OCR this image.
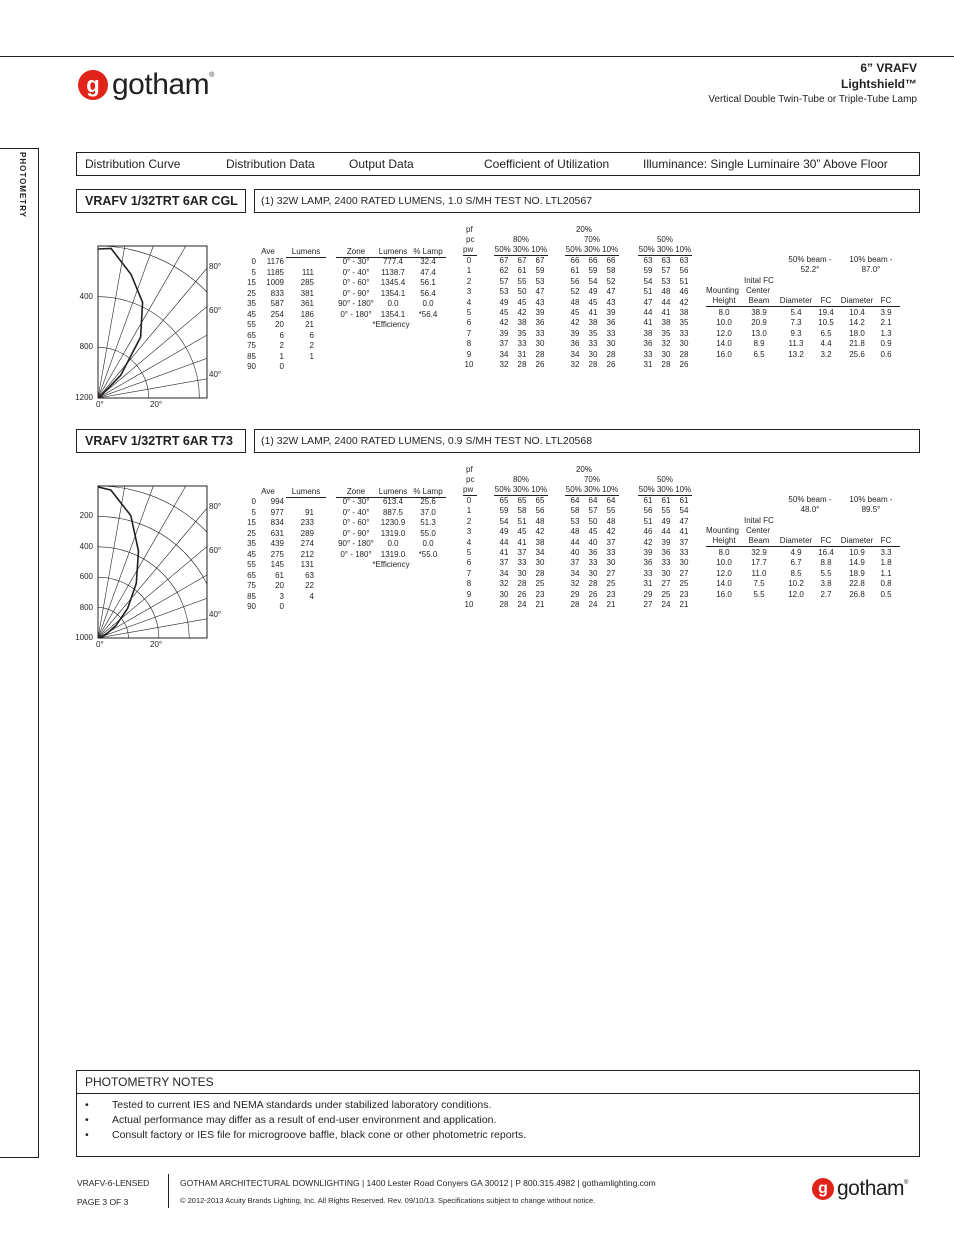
g gotham ®
6” VRAFV
Lightshield™
Vertical Double Twin-Tube or Triple-Tube Lamp
PHOTOMETRY	Distribution Curve	Distribution Data	Output Data	Coefficient of Utilization	Illuminance: Single Luminaire 30” Above Floor
VRAFV 1/32TRT 6AR CGL (1) 32W LAMP, 2400 RATED LUMENS, 1.0 S/MH TEST NO. LTL20567
400
800
1200
80°
60°
40°
0°	20°
Ave	Lumens
0	1176
5	1185	111
15	1009	285
25	833	381
35	587	361
45	254	186
55	20	21
65	6	6
75	2	2
85	1	1
90	0
Zone	Lumens % Lamp
0° - 30°	777.4	32.4
0° - 40°	1138.7	47.4
0° - 60°	1345.4	56.1
0° - 90°	1354.1	56.4
90° - 180°	0.0	0.0
0° - 180°	1354.1	*56.4
*Efficiency
pf
pc
pw
20%
80%
50% 30% 10%
70%
50% 30% 10%
50%
50% 30% 10%
0	67	67	67	66	66	66	63	63	63
1	62	61	59	61	59	58	59	57	56
2	57	55	53	56	54	52	54	53	51
3	53	50	47	52	49	47	51	48	46
4	49	45	43	48	45	43	47	44	42
5	45	42	39	45	41	39	44	41	38
6	42	38	36	42	38	36	41	38	35
7	39	35	33	39	35	33	38	35	33
8	37	33	30	36	33	30	36	32	30
9	34	31	28	34	30	28	33	30	28
10	32	28	26	32	28	26	31	28	26
50% beam -
52.2°
10% beam -
87.0°
Inital FC
Mounting Center
Height	Beam	Diameter	FC	Diameter FC
8.0	38.9	5.4	19.4	10.4	3.9
10.0	20.9	7.3	10.5	14.2	2.1
12.0	13.0	9.3	6.5	18.0	1.3
14.0	8.9	11.3	4.4	21.8	0.9
16.0	6.5	13.2	3.2	25.6	0.6
VRAFV 1/32TRT 6AR T73	(1) 32W LAMP, 2400 RATED LUMENS, 0.9 S/MH TEST NO. LTL20568
200
400
600
800
1000
80°
60°
40°
0°	20°
Ave	Lumens
0	994
5	977	91
15	834	233
25	631	289
35	439	274
45	275	212
55	145	131
65	61	63
75	20	22
85	3	4
90	0
Zone	Lumens % Lamp
0° - 30°	613.4	25.6
0° - 40°	887.5	37.0
0° - 60°	1230.9	51.3
0° - 90°	1319.0	55.0
90° - 180°	0.0	0.0
0° - 180°	1319.0	*55.0
*Efficiency
pf
pc
pw
20%
80%
50% 30% 10%
70%
50% 30% 10%
50%
50% 30% 10%
0	65	65	65	64	64	64	61	61	61
1	59	58	56	58	57	55	56	55	54
2	54	51	48	53	50	48	51	49	47
3	49	45	42	48	45	42	46	44	41
4	44	41	38	44	40	37	42	39	37
5	41	37	34	40	36	33	39	36	33
6	37	33	30	37	33	30	36	33	30
7	34	30	28	34	30	27	33	30	27
8	32	28	25	32	28	25	31	27	25
9	30	26	23	29	26	23	29	25	23
10	28	24	21	28	24	21	27	24	21
50% beam -
48.0°
10% beam -
89.5°
Inital FC
Mounting Center
Height	Beam	Diameter	FC	Diameter FC
8.0	32.9	4.9	16.4	10.9	3.3
10.0	17.7	6.7	8.8	14.9	1.8
12.0	11.0	8.5	5.5	18.9	1.1
14.0	7.5	10.2	3.8	22.8	0.8
16.0	5.5	12.0	2.7	26.8	0.5
PHOTOMETRY NOTES
• Tested to current IES and NEMA standards under stabilized laboratory conditions.
• Actual performance may differ as a result of end-user environment and application.
• Consult factory or IES file for microgroove baffle, black cone or other photometric reports.
VRAFV-6-LENSED
PAGE 3 OF 3
GOTHAM ARCHITECTURAL DOWNLIGHTING | 1400 Lester Road Conyers GA 30012 | P 800.315.4982 | gothamlighting.com
© 2012-2013 Acuity Brands Lighting, Inc. All Rights Reserved. Rev. 09/10/13. Specifications subject to change without notice.
g gotham ®
